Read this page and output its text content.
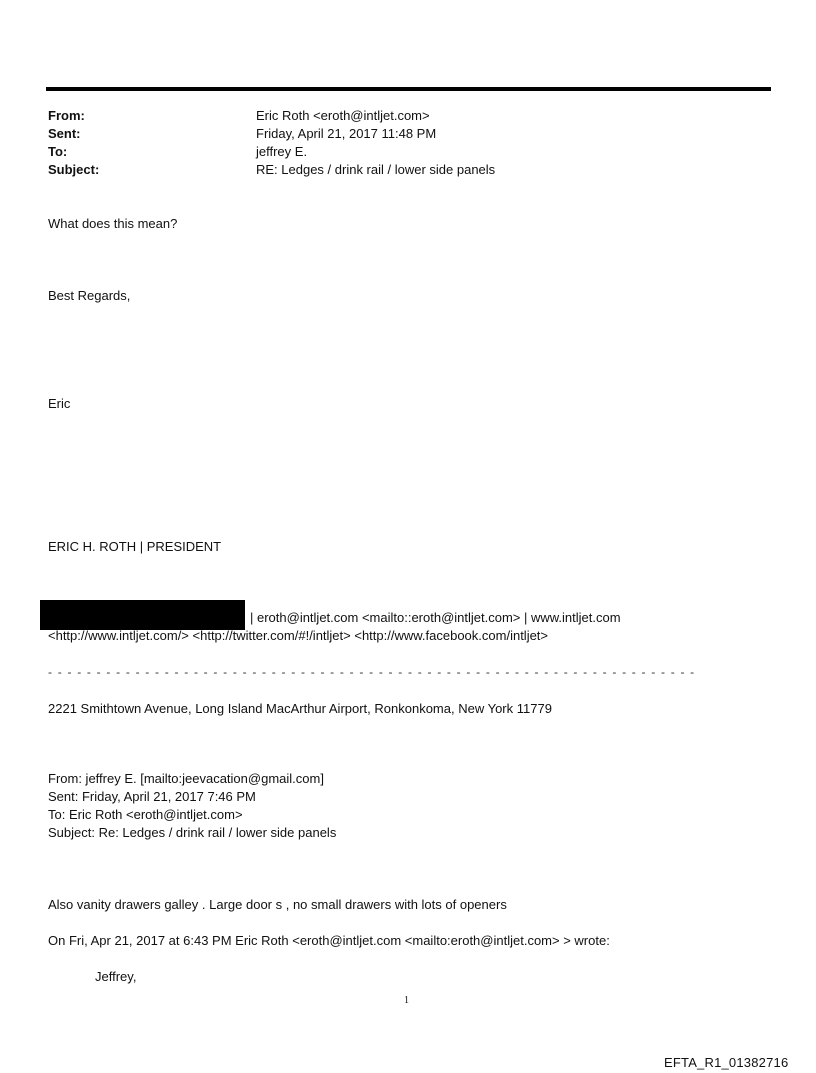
From:	Eric Roth <eroth@intljet.com>
Sent:	Friday, April 21, 2017 11:48 PM
To:	jeffrey E.
Subject:	RE: Ledges / drink rail / lower side panels
What does this mean?
Best Regards,
Eric
ERIC H. ROTH | PRESIDENT
| eroth@intljet.com <mailto::eroth@intljet.com> | www.intljet.com
<http://www.intljet.com/> <http://twitter.com/#!/intljet> <http://www.facebook.com/intljet>
- - - - - - - - - - - - - - - - - - - - - - - - - - - - - - - - - - - - - - - - - - - - - - - - - - - - - - - - - - - - - - - - - - -
2221 Smithtown Avenue, Long Island MacArthur Airport, Ronkonkoma, New York 11779
From: jeffrey E. [mailto:jeevacation@gmail.com]
Sent: Friday, April 21, 2017 7:46 PM
To: Eric Roth <eroth@intljet.com>
Subject: Re: Ledges / drink rail / lower side panels
Also vanity drawers galley . Large door s , no small drawers with lots of openers
On Fri, Apr 21, 2017 at 6:43 PM Eric Roth <eroth@intljet.com <mailto:eroth@intljet.com> > wrote:
Jeffrey,
1
EFTA_R1_01382716
